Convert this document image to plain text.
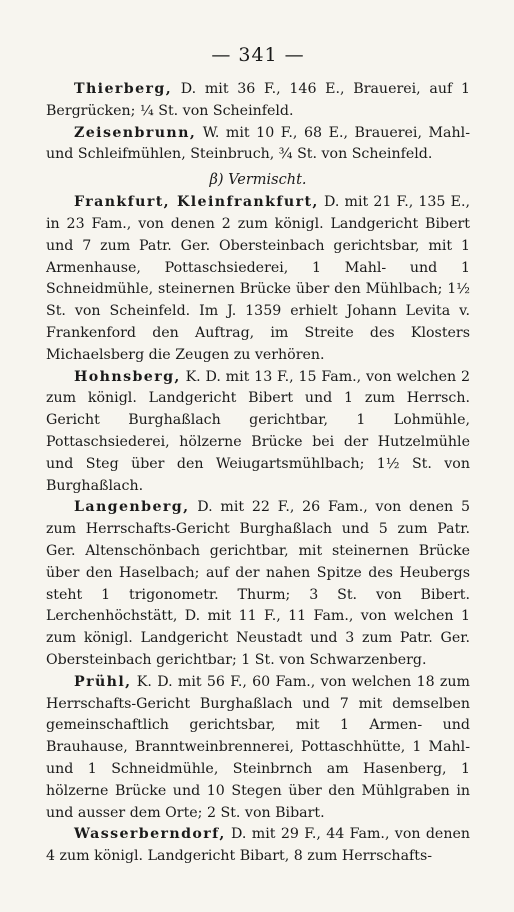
— 341 —

Thierberg, D. mit 36 F., 146 E., Brauerei, auf 1 Bergrücken; ¼ St. von Scheinfeld.

Zeisenbrunn, W. mit 10 F., 68 E., Brauerei, Mahl- und Schleifmühlen, Steinbruch, ¾ St. von Scheinfeld.

β) Vermischt.

Frankfurt, Kleinfrankfurt, D. mit 21 F., 135 E., in 23 Fam., von denen 2 zum königl. Landgericht Bibert und 7 zum Patr. Ger. Obersteinbach gerichtsbar, mit 1 Armenhause, Pottaschsiederei, 1 Mahl- und 1 Schneidmühle, steinernen Brücke über den Mühlbach; 1½ St. von Scheinfeld. Im J. 1359 erhielt Johann Levita v. Frankenford den Auftrag, im Streite des Klosters Michaelsberg die Zeugen zu verhören.

Hohnsberg, K. D. mit 13 F., 15 Fam., von welchen 2 zum königl. Landgericht Bibert und 1 zum Herrsch. Gericht Burghaßlach gerichtbar, 1 Lohmühle, Pottaschsiederei, hölzerne Brücke bei der Hutzelmühle und Steg über den Weiugartsmühlbach; 1½ St. von Burghaßlach.

Langenberg, D. mit 22 F., 26 Fam., von denen 5 zum Herrschafts-Gericht Burghaßlach und 5 zum Patr. Ger. Altenschönbach gerichtbar, mit steinernen Brücke über den Haselbach; auf der nahen Spitze des Heubergs steht 1 trigonometr. Thurm; 3 St. von Bibert. Lerchenhöchstätt, D. mit 11 F., 11 Fam., von welchen 1 zum königl. Landgericht Neustadt und 3 zum Patr. Ger. Obersteinbach gerichtbar; 1 St. von Schwarzenberg.

Prühl, K. D. mit 56 F., 60 Fam., von welchen 18 zum Herrschafts-Gericht Burghaßlach und 7 mit demselben gemeinschaftlich gerichtsbar, mit 1 Armen- und Brauhause, Branntweinbrennerei, Pottaschhütte, 1 Mahl- und 1 Schneidmühle, Steinbrnch am Hasenberg, 1 hölzerne Brücke und 10 Stegen über den Mühlgraben in und ausser dem Orte; 2 St. von Bibart.

Wasserberndorf, D. mit 29 F., 44 Fam., von denen 4 zum königl. Landgericht Bibart, 8 zum Herrschafts-
